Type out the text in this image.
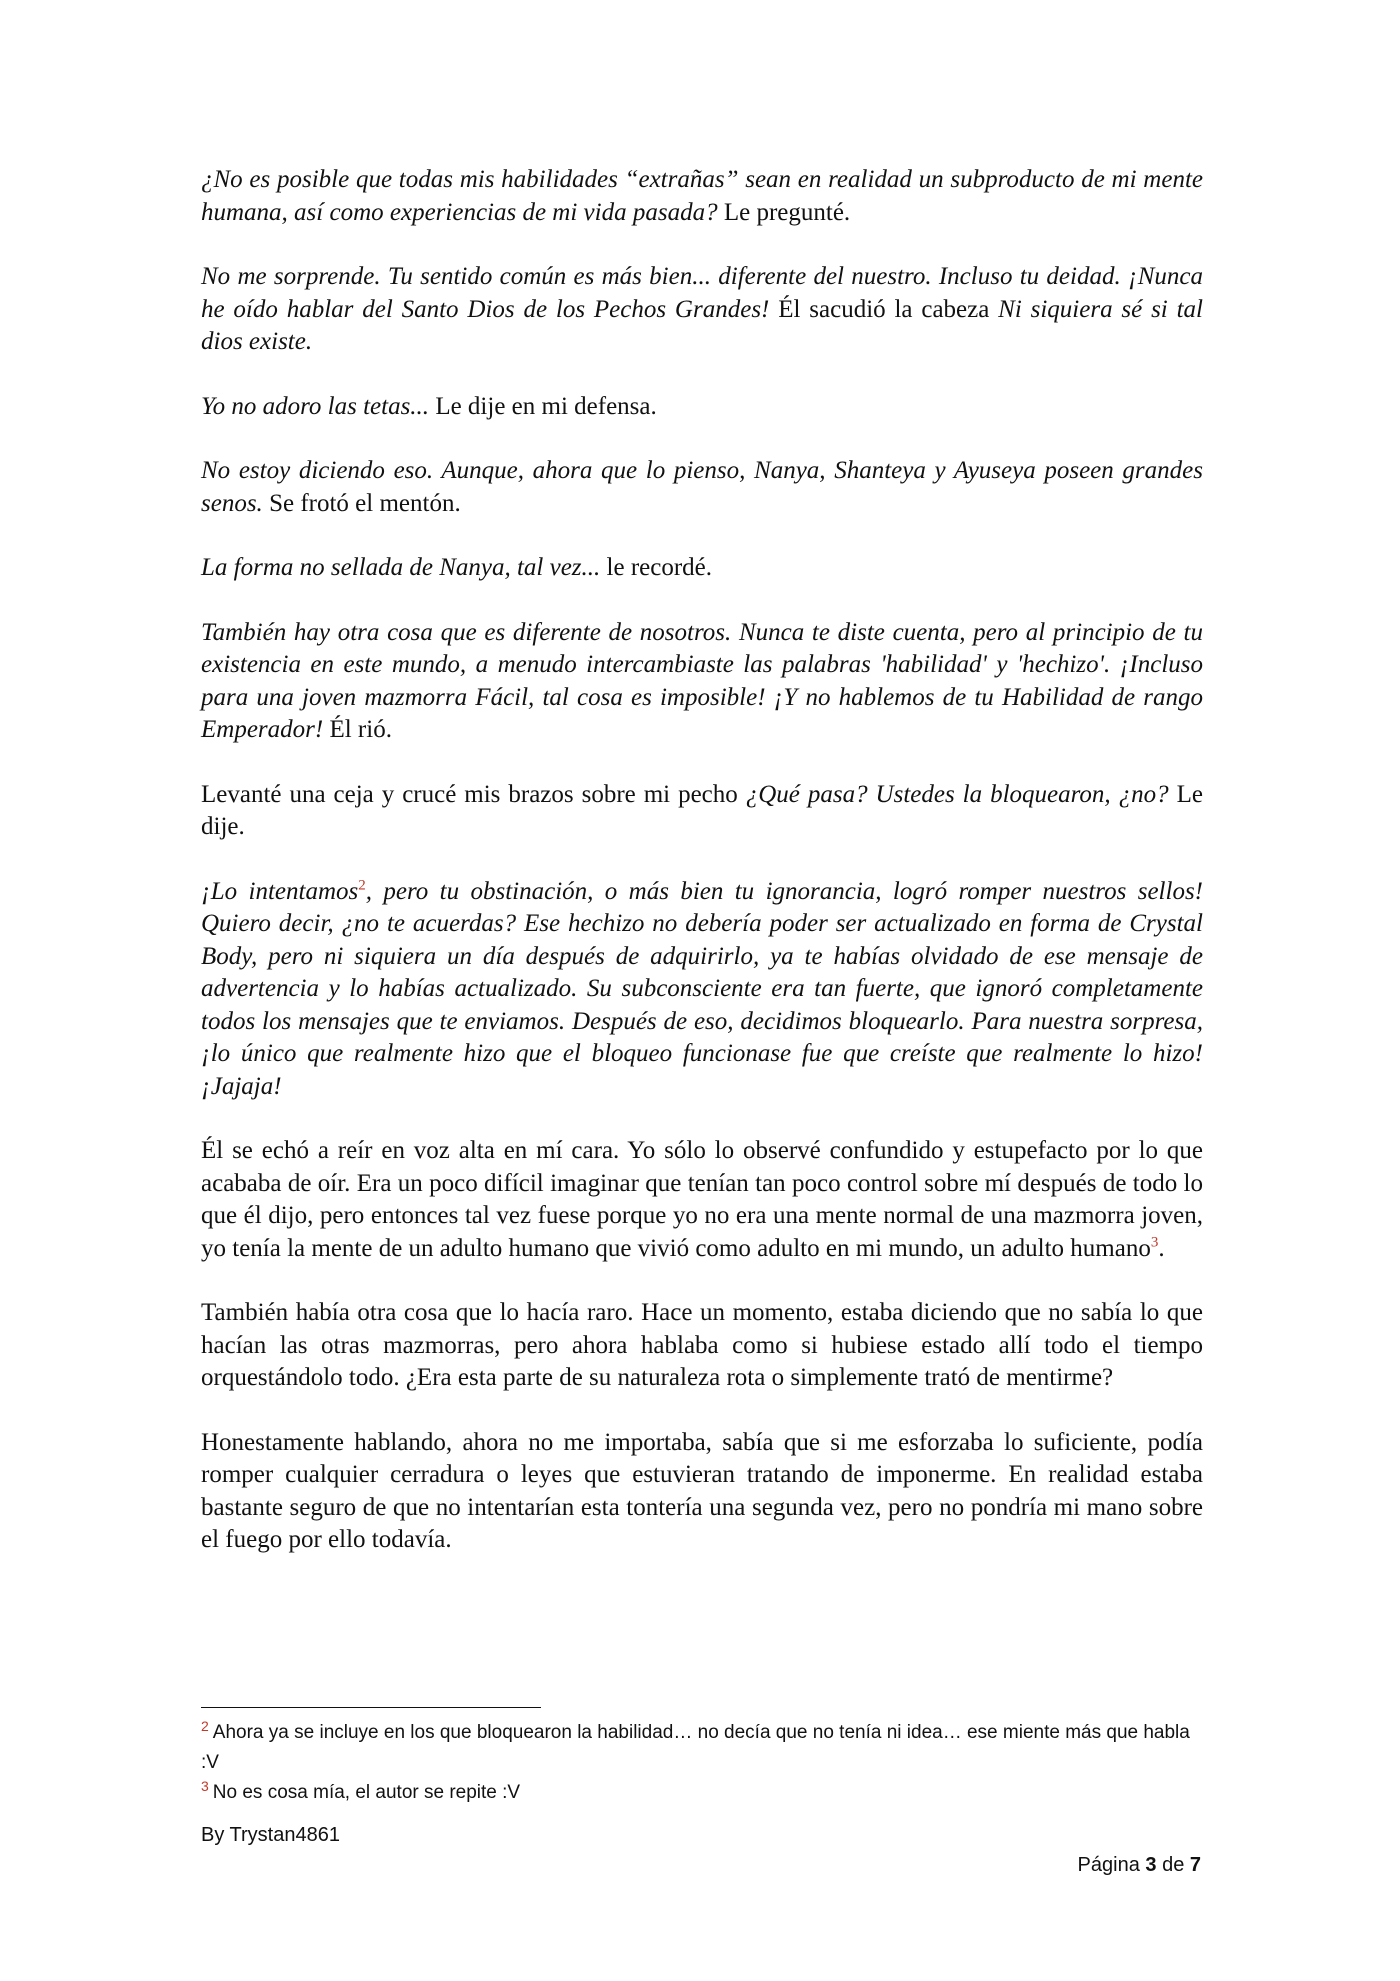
¿No es posible que todas mis habilidades “extrañas” sean en realidad un subproducto de mi mente humana, así como experiencias de mi vida pasada? Le pregunté.

No me sorprende. Tu sentido común es más bien... diferente del nuestro. Incluso tu deidad. ¡Nunca he oído hablar del Santo Dios de los Pechos Grandes! Él sacudió la cabeza Ni siquiera sé si tal dios existe.

Yo no adoro las tetas... Le dije en mi defensa.

No estoy diciendo eso. Aunque, ahora que lo pienso, Nanya, Shanteya y Ayuseya poseen grandes senos. Se frotó el mentón.

La forma no sellada de Nanya, tal vez... le recordé.

También hay otra cosa que es diferente de nosotros. Nunca te diste cuenta, pero al principio de tu existencia en este mundo, a menudo intercambiaste las palabras 'habilidad' y 'hechizo'. ¡Incluso para una joven mazmorra Fácil, tal cosa es imposible! ¡Y no hablemos de tu Habilidad de rango Emperador! Él rió.

Levanté una ceja y crucé mis brazos sobre mi pecho ¿Qué pasa? Ustedes la bloquearon, ¿no? Le dije.

¡Lo intentamos$^2$, pero tu obstinación, o más bien tu ignorancia, logró romper nuestros sellos! Quiero decir, ¿no te acuerdas? Ese hechizo no debería poder ser actualizado en forma de Crystal Body, pero ni siquiera un día después de adquirirlo, ya te habías olvidado de ese mensaje de advertencia y lo habías actualizado. Su subconsciente era tan fuerte, que ignoró completamente todos los mensajes que te enviamos. Después de eso, decidimos bloquearlo. Para nuestra sorpresa, ¡lo único que realmente hizo que el bloqueo funcionase fue que creíste que realmente lo hizo! ¡Jajaja!

Él se echó a reír en voz alta en mí cara. Yo sólo lo observé confundido y estupefacto por lo que acababa de oír. Era un poco difícil imaginar que tenían tan poco control sobre mí después de todo lo que él dijo, pero entonces tal vez fuese porque yo no era una mente normal de una mazmorra joven, yo tenía la mente de un adulto humano que vivió como adulto en mi mundo, un adulto humano$^3$.

También había otra cosa que lo hacía raro. Hace un momento, estaba diciendo que no sabía lo que hacían las otras mazmorras, pero ahora hablaba como si hubiese estado allí todo el tiempo orquestándolo todo. ¿Era esta parte de su naturaleza rota o simplemente trató de mentirme?

Honestamente hablando, ahora no me importaba, sabía que si me esforzaba lo suficiente, podía romper cualquier cerradura o leyes que estuvieran tratando de imponerme. En realidad estaba bastante seguro de que no intentarían esta tontería una segunda vez, pero no pondría mi mano sobre el fuego por ello todavía.

$^2$ Ahora ya se incluye en los que bloquearon la habilidad… no decía que no tenía ni idea… ese miente más que habla :V

$^3$ No es cosa mía, el autor se repite :V

By Trystan4861
Página 3 de 7
